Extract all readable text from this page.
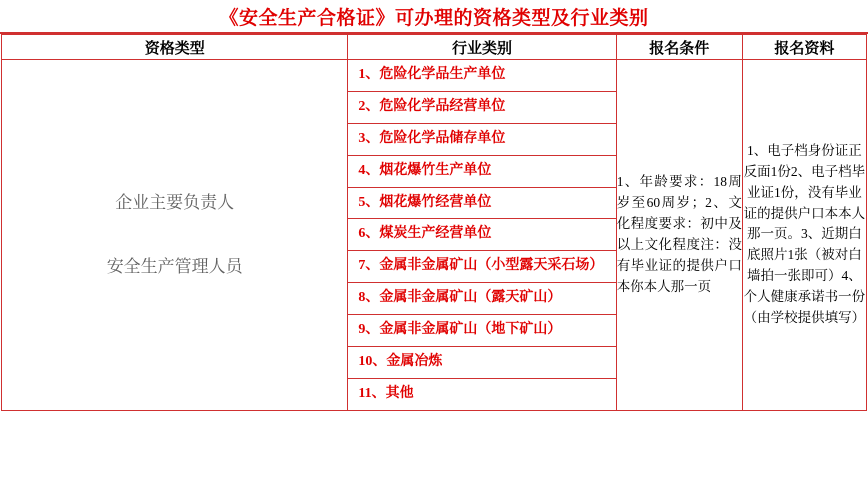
《安全生产合格证》可办理的资格类型及行业类别
资格类型	行业类别	报名条件	报名资料

企业主要负责人
安全生产管理人员

1、危险化学品生产单位
2、危险化学品经营单位
3、危险化学品储存单位
4、烟花爆竹生产单位
5、烟花爆竹经营单位
6、煤炭生产经营单位
7、金属非金属矿山（小型露天采石场）
8、金属非金属矿山（露天矿山）
9、金属非金属矿山（地下矿山）
10、金属冶炼
11、其他

1、年龄要求：18周岁至60周岁；2、文化程度要求：初中及以上文化程度注：没有毕业证的提供户口本你本人那一页

1、电子档身份证正反面1份2、电子档毕业证1份，没有毕业证的提供户口本本人那一页。3、近期白底照片1张（被对白墙拍一张即可）4、个人健康承诺书一份（由学校提供填写）
